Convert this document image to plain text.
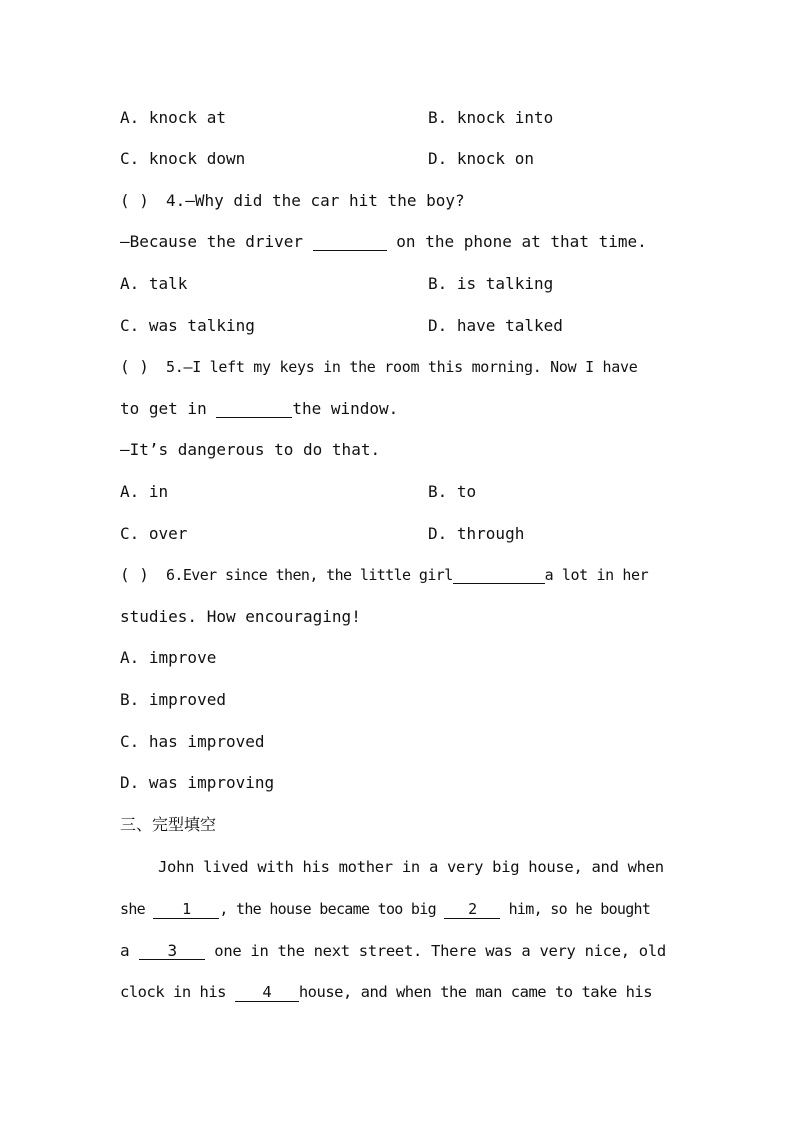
A. knock at	B. knock into
C. knock down	D. knock on
( ) 4.—Why did the car hit the boy?
—Because the driver	on the phone at that time.
A. talk	B. is talking
C. was talking	D. have talked
( ) 5.—I left my keys in the room this morning. Now I have
to get in	the window.
—It’s dangerous to do that.
A. in	B. to
C. over	D. through
( ) 6.Ever since then, the little girl	a lot in her
studies. How encouraging!
A. improve
B. improved
C. has improved
D. was improving
三、完型填空
John lived with his mother in a very big house, and when
she 1 , the house became too big 2 him, so he bought
a 3 one in the next street. There was a very nice, old
clock in his 4 house, and when the man came to take his
